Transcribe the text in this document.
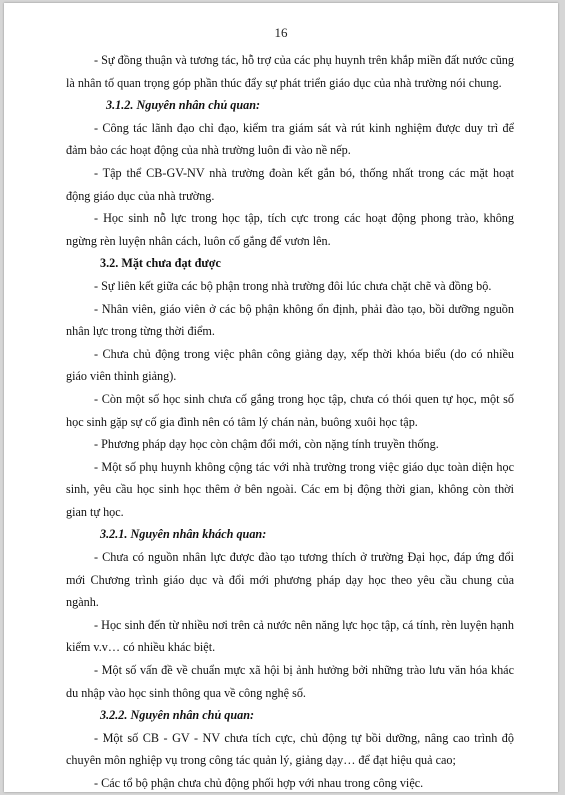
16

- Sự đồng thuận và tương tác, hỗ trợ của các phụ huynh trên khắp miền đất nước cũng là nhân tố quan trọng góp phần thúc đẩy sự phát triển giáo dục của nhà trường nói chung.

3.1.2. Nguyên nhân chủ quan:

- Công tác lãnh đạo chỉ đạo, kiểm tra giám sát và rút kinh nghiệm được duy trì để đảm bảo các hoạt động của nhà trường luôn đi vào nề nếp.

- Tập thể CB-GV-NV nhà trường đoàn kết gắn bó, thống nhất trong các mặt hoạt động giáo dục của nhà trường.

- Học sinh nỗ lực trong học tập, tích cực trong các hoạt động phong trào, không ngừng rèn luyện nhân cách, luôn cố gắng để vươn lên.

3.2. Mặt chưa đạt được

- Sự liên kết giữa các bộ phận trong nhà trường đôi lúc chưa chặt chẽ và đồng bộ.

- Nhân viên, giáo viên ở các bộ phận không ổn định, phải đào tạo, bồi dưỡng nguồn nhân lực trong từng thời điểm.

- Chưa chủ động trong việc phân công giảng dạy, xếp thời khóa biểu (do có nhiều giáo viên thỉnh giảng).

- Còn một số học sinh chưa cố gắng trong học tập, chưa có thói quen tự học, một số học sinh gặp sự cố gia đình nên có tâm lý chán nản, buông xuôi học tập.

- Phương pháp dạy học còn chậm đổi mới, còn nặng tính truyền thống.

- Một số phụ huynh không cộng tác với nhà trường trong việc giáo dục toàn diện học sinh, yêu cầu học sinh học thêm ở bên ngoài. Các em bị động thời gian, không còn thời gian tự học.

3.2.1. Nguyên nhân khách quan:

- Chưa có nguồn nhân lực được đào tạo tương thích ở trường Đại học, đáp ứng đổi mới Chương trình giáo dục và đổi mới phương pháp dạy học theo yêu cầu chung của ngành.

- Học sinh đến từ nhiều nơi trên cả nước nên năng lực học tập, cá tính, rèn luyện hạnh kiểm v.v… có nhiều khác biệt.

- Một số vấn đề về chuẩn mực xã hội bị ảnh hưởng bởi những trào lưu văn hóa khác du nhập vào học sinh thông qua về công nghệ số.

3.2.2. Nguyên nhân chủ quan:

- Một số CB - GV - NV chưa tích cực, chủ động tự bồi dưỡng, nâng cao trình độ chuyên môn nghiệp vụ trong công tác quản lý, giảng dạy… để đạt hiệu quả cao;

- Các tổ bộ phận chưa chủ động phối hợp với nhau trong công việc.
